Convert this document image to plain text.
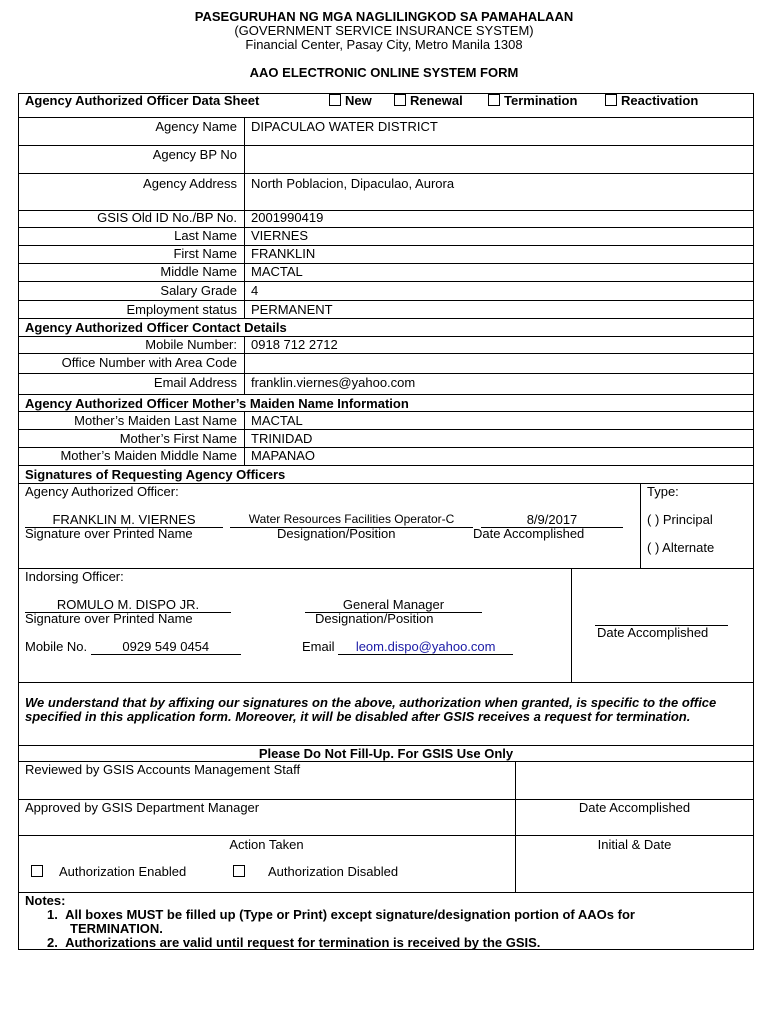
PASEGURUHAN NG MGA NAGLILINGKOD SA PAMAHALAAN
(GOVERNMENT SERVICE INSURANCE SYSTEM)
Financial Center, Pasay City, Metro Manila 1308
AAO ELECTRONIC ONLINE SYSTEM FORM
Agency Authorized Officer Data Sheet	New	Renewal	Termination	Reactivation
Agency Name DIPACULAO WATER DISTRICT
Agency BP No
Agency Address North Poblacion, Dipaculao, Aurora
GSIS Old ID No./BP No. 2001990419
Last Name VIERNES
First Name FRANKLIN
Middle Name MACTAL
Salary Grade 4
Employment status PERMANENT
Agency Authorized Officer Contact Details
Mobile Number: 0918 712 2712
Office Number with Area Code
Email Address franklin.viernes@yahoo.com
Agency Authorized Officer Mother’s Maiden Name Information
Mother’s Maiden Last Name MACTAL
Mother’s First Name TRINIDAD
Mother’s Maiden Middle Name MAPANAO
Signatures of Requesting Agency Officers
Agency Authorized Officer:	Type:
FRANKLIN M. VIERNES	Water Resources Facilities Operator-C	8/9/2017
Signature over Printed Name	Designation/Position	Date Accomplished
( ) Principal
( ) Alternate
Indorsing Officer:
ROMULO M. DISPO JR.	General Manager
Signature over Printed Name	Designation/Position
Date Accomplished
Mobile No.	0929 549 0454	Email leom.dispo@yahoo.com
We understand that by affixing our signatures on the above, authorization when granted, is specific to the office specified in this application form. Moreover, it will be disabled after GSIS receives a request for termination.
Please Do Not Fill-Up. For GSIS Use Only
Reviewed by GSIS Accounts Management Staff
Approved by GSIS Department Manager	Date Accomplished
Action Taken	Initial & Date
Authorization Enabled	Authorization Disabled
Notes:
1.  All boxes MUST be filled up (Type or Print) except signature/designation portion of AAOs for
TERMINATION.
2.  Authorizations are valid until request for termination is received by the GSIS.
